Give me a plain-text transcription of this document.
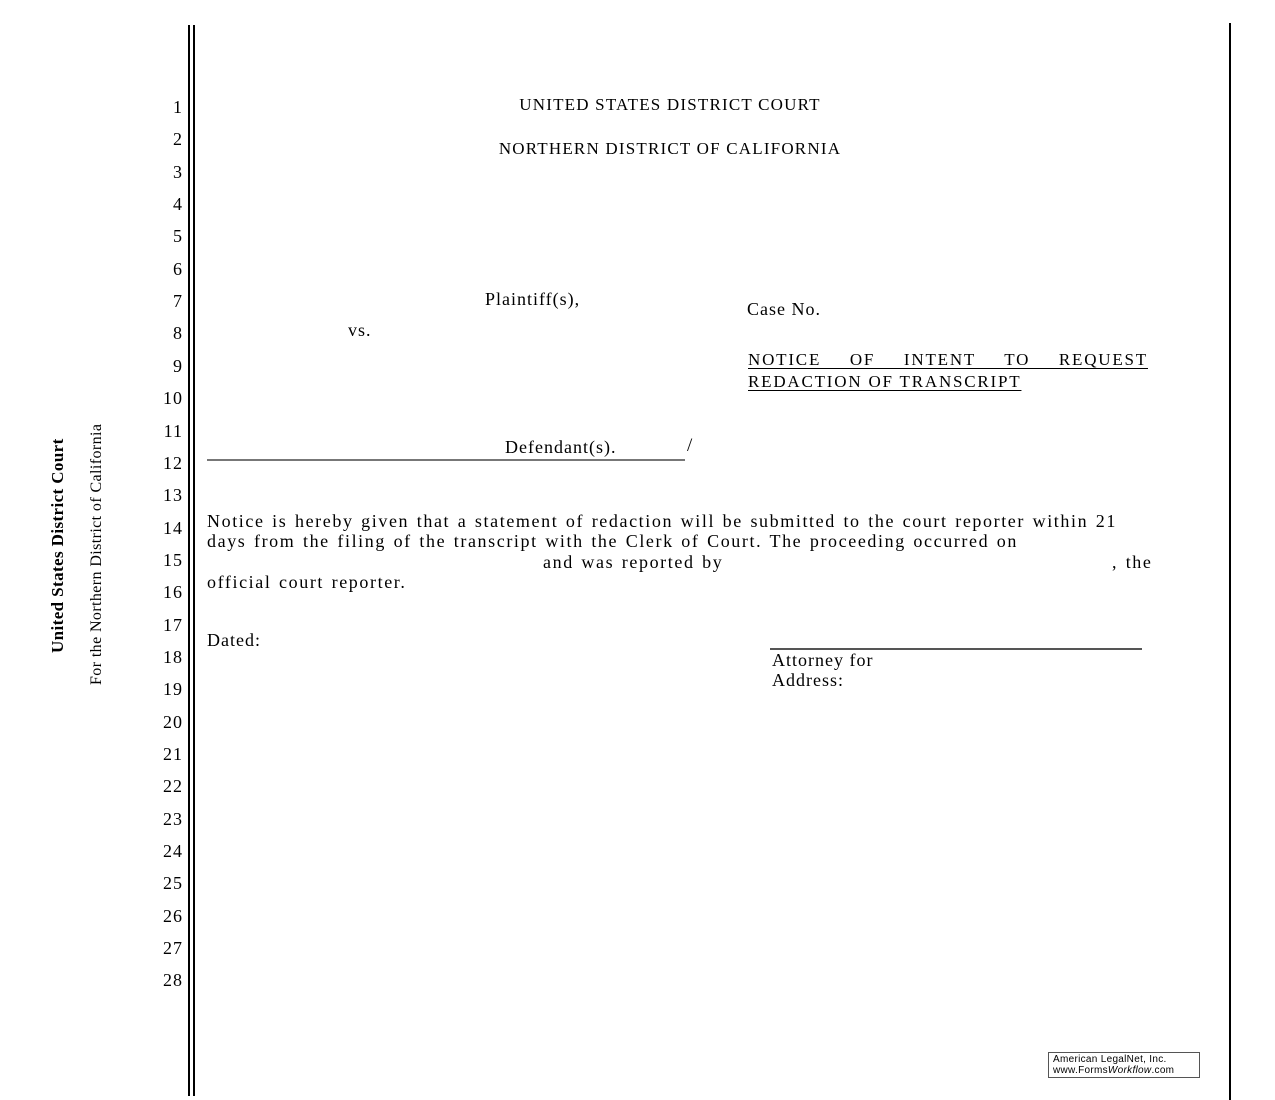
United States District Court For the Northern District of California
1
2
3
4
5
6
7
8
9
10
11
12
13
14
15
16
17
18
19
20
21
22
23
24
25
26
27
28
UNITED STATES DISTRICT COURT
NORTHERN DISTRICT OF CALIFORNIA
Plaintiff(s),
vs.
Case No.
NOTICE OF INTENT TO REQUEST
REDACTION OF TRANSCRIPT
Defendant(s).	/
Notice is hereby given that a statement of redaction will be submitted to the court reporter within 21
days from the filing of the transcript with the Clerk of Court. The proceeding occurred on
and was reported by	, the
official court reporter.
Dated:
Attorney for
Address:
American LegalNet, Inc.
www.FormsWorkflow.com
